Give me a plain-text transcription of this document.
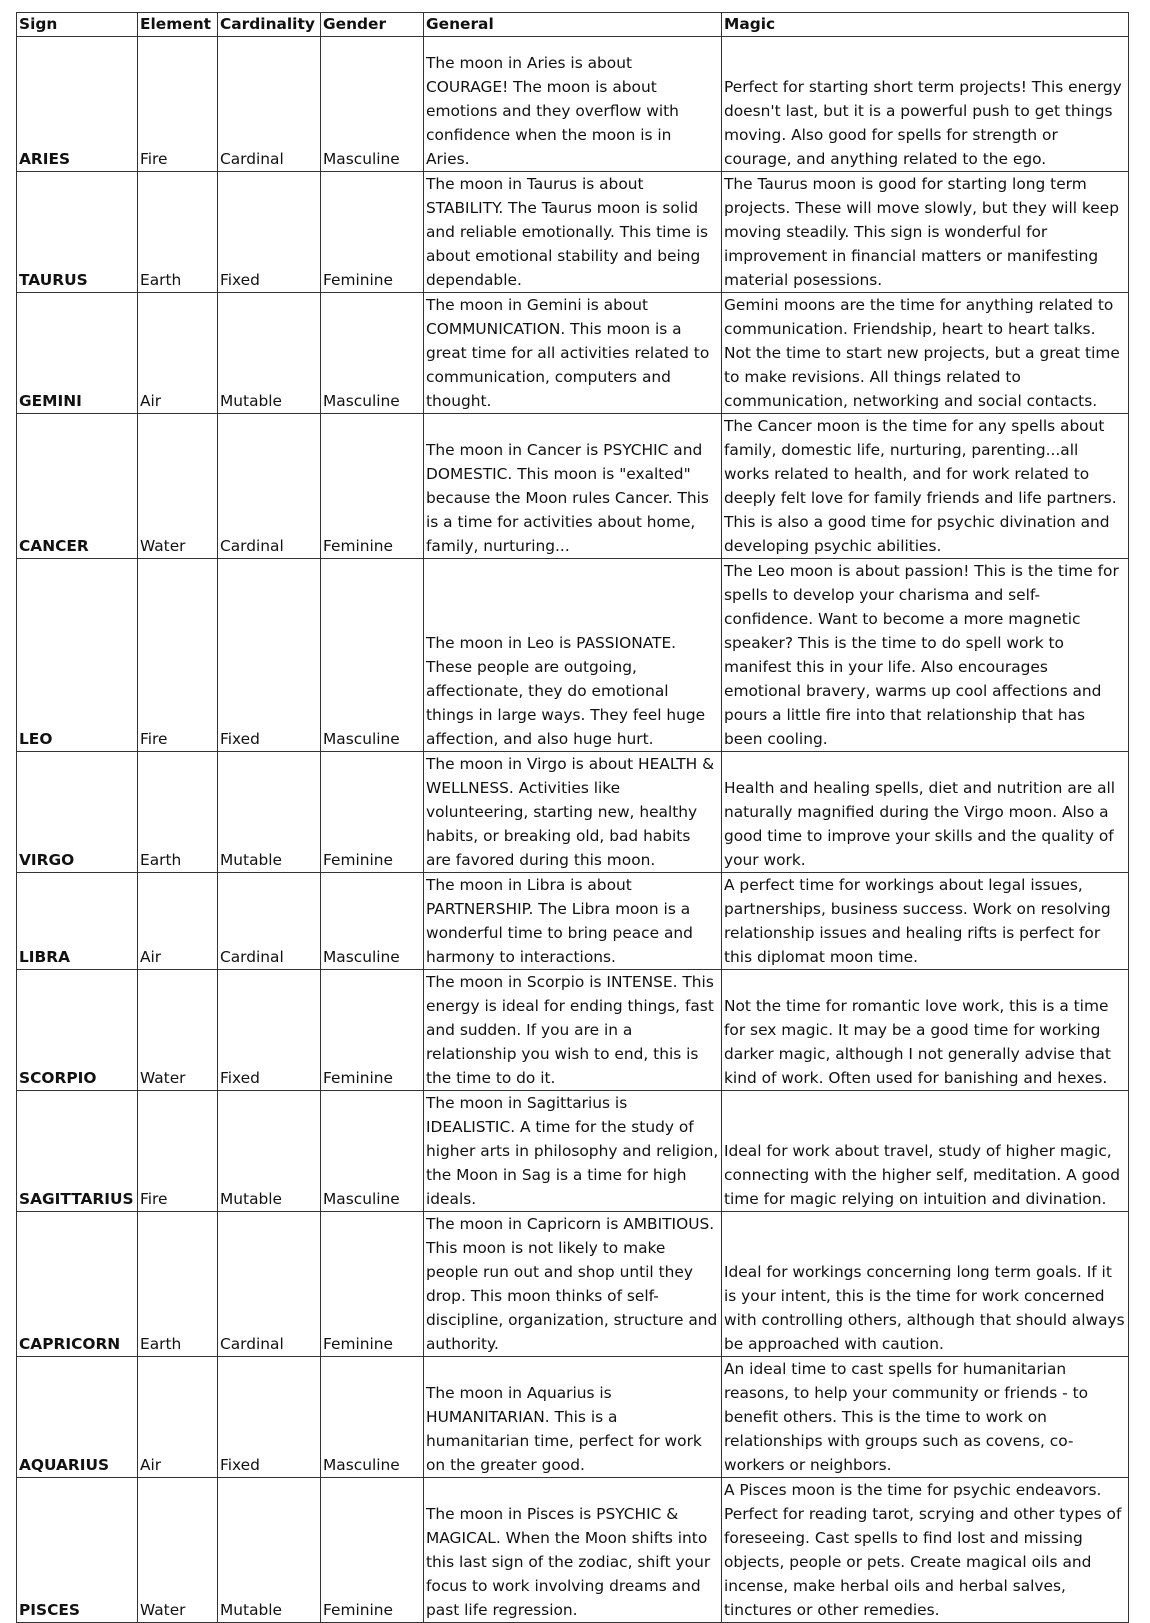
Sign	Element	Cardinality	Gender	General	Magic
ARIES	Fire	Cardinal	Masculine	The moon in Aries is about COURAGE! The moon is about emotions and they overflow with confidence when the moon is in Aries.	Perfect for starting short term projects! This energy doesn't last, but it is a powerful push to get things moving. Also good for spells for strength or courage, and anything related to the ego.
TAURUS	Earth	Fixed	Feminine	The moon in Taurus is about STABILITY. The Taurus moon is solid and reliable emotionally. This time is about emotional stability and being dependable.	The Taurus moon is good for starting long term projects. These will move slowly, but they will keep moving steadily. This sign is wonderful for improvement in financial matters or manifesting material posessions.
GEMINI	Air	Mutable	Masculine	The moon in Gemini is about COMMUNICATION. This moon is a great time for all activities related to communication, computers and thought.	Gemini moons are the time for anything related to communication. Friendship, heart to heart talks. Not the time to start new projects, but a great time to make revisions. All things related to communication, networking and social contacts.
CANCER	Water	Cardinal	Feminine	The moon in Cancer is PSYCHIC and DOMESTIC. This moon is "exalted" because the Moon rules Cancer. This is a time for activities about home, family, nurturing...	The Cancer moon is the time for any spells about family, domestic life, nurturing, parenting...all works related to health, and for work related to deeply felt love for family friends and life partners. This is also a good time for psychic divination and developing psychic abilities.
LEO	Fire	Fixed	Masculine	The moon in Leo is PASSIONATE. These people are outgoing, affectionate, they do emotional things in large ways. They feel huge affection, and also huge hurt.	The Leo moon is about passion! This is the time for spells to develop your charisma and self-confidence. Want to become a more magnetic speaker? This is the time to do spell work to manifest this in your life. Also encourages emotional bravery, warms up cool affections and pours a little fire into that relationship that has been cooling.
VIRGO	Earth	Mutable	Feminine	The moon in Virgo is about HEALTH & WELLNESS. Activities like volunteering, starting new, healthy habits, or breaking old, bad habits are favored during this moon.	Health and healing spells, diet and nutrition are all naturally magnified during the Virgo moon. Also a good time to improve your skills and the quality of your work.
LIBRA	Air	Cardinal	Masculine	The moon in Libra is about PARTNERSHIP. The Libra moon is a wonderful time to bring peace and harmony to interactions.	A perfect time for workings about legal issues, partnerships, business success. Work on resolving relationship issues and healing rifts is perfect for this diplomat moon time.
SCORPIO	Water	Fixed	Feminine	The moon in Scorpio is INTENSE. This energy is ideal for ending things, fast and sudden. If you are in a relationship you wish to end, this is the time to do it.	Not the time for romantic love work, this is a time for sex magic. It may be a good time for working darker magic, although I not generally advise that kind of work. Often used for banishing and hexes.
SAGITTARIUS	Fire	Mutable	Masculine	The moon in Sagittarius is IDEALISTIC. A time for the study of higher arts in philosophy and religion, the Moon in Sag is a time for high ideals.	Ideal for work about travel, study of higher magic, connecting with the higher self, meditation. A good time for magic relying on intuition and divination.
CAPRICORN	Earth	Cardinal	Feminine	The moon in Capricorn is AMBITIOUS. This moon is not likely to make people run out and shop until they drop. This moon thinks of self-discipline, organization, structure and authority.	Ideal for workings concerning long term goals. If it is your intent, this is the time for work concerned with controlling others, although that should always be approached with caution.
AQUARIUS	Air	Fixed	Masculine	The moon in Aquarius is HUMANITARIAN. This is a humanitarian time, perfect for work on the greater good.	An ideal time to cast spells for humanitarian reasons, to help your community or friends - to benefit others. This is the time to work on relationships with groups such as covens, co-workers or neighbors.
PISCES	Water	Mutable	Feminine	The moon in Pisces is PSYCHIC & MAGICAL. When the Moon shifts into this last sign of the zodiac, shift your focus to work involving dreams and past life regression.	A Pisces moon is the time for psychic endeavors. Perfect for reading tarot, scrying and other types of foreseeing. Cast spells to find lost and missing objects, people or pets. Create magical oils and incense, make herbal oils and herbal salves, tinctures or other remedies.
